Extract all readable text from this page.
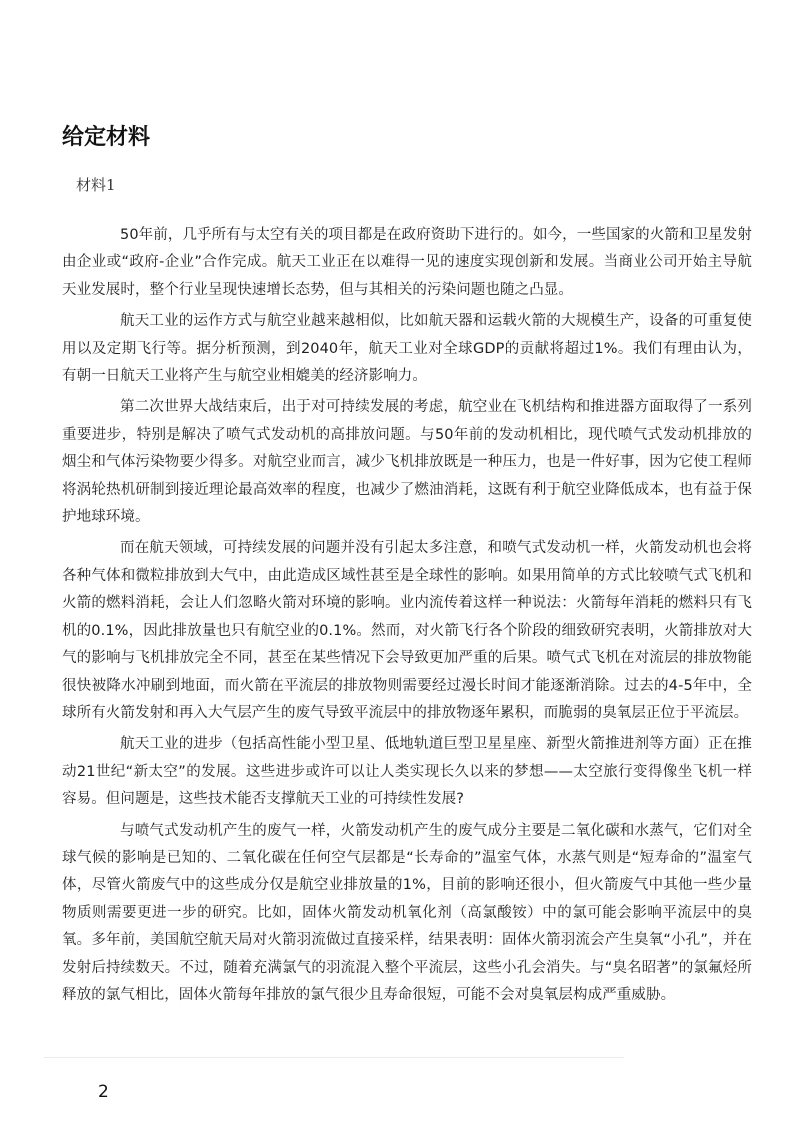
给定材料

材料1

50年前，几乎所有与太空有关的项目都是在政府资助下进行的。如今，一些国家的火箭和卫星发射由企业或“政府-企业”合作完成。航天工业正在以难得一见的速度实现创新和发展。当商业公司开始主导航天业发展时，整个行业呈现快速增长态势，但与其相关的污染问题也随之凸显。

航天工业的运作方式与航空业越来越相似，比如航天器和运载火箭的大规模生产，设备的可重复使用以及定期飞行等。据分析预测，到2040年，航天工业对全球GDP的贡献将超过1%。我们有理由认为，有朝一日航天工业将产生与航空业相媲美的经济影响力。

第二次世界大战结束后，出于对可持续发展的考虑，航空业在飞机结构和推进器方面取得了一系列重要进步，特别是解决了喷气式发动机的高排放问题。与50年前的发动机相比，现代喷气式发动机排放的烟尘和气体污染物要少得多。对航空业而言，减少飞机排放既是一种压力，也是一件好事，因为它使工程师将涡轮热机研制到接近理论最高效率的程度，也减少了燃油消耗，这既有利于航空业降低成本，也有益于保护地球环境。

而在航天领域，可持续发展的问题并没有引起太多注意，和喷气式发动机一样，火箭发动机也会将各种气体和微粒排放到大气中，由此造成区域性甚至是全球性的影响。如果用简单的方式比较喷气式飞机和火箭的燃料消耗，会让人们忽略火箭对环境的影响。业内流传着这样一种说法：火箭每年消耗的燃料只有飞机的0.1%，因此排放量也只有航空业的0.1%。然而，对火箭飞行各个阶段的细致研究表明，火箭排放对大气的影响与飞机排放完全不同，甚至在某些情况下会导致更加严重的后果。喷气式飞机在对流层的排放物能很快被降水冲刷到地面，而火箭在平流层的排放物则需要经过漫长时间才能逐渐消除。过去的4-5年中，全球所有火箭发射和再入大气层产生的废气导致平流层中的排放物逐年累积，而脆弱的臭氧层正位于平流层。

航天工业的进步（包括高性能小型卫星、低地轨道巨型卫星星座、新型火箭推进剂等方面）正在推动21世纪“新太空”的发展。这些进步或许可以让人类实现长久以来的梦想——太空旅行变得像坐飞机一样容易。但问题是，这些技术能否支撑航天工业的可持续性发展?

与喷气式发动机产生的废气一样，火箭发动机产生的废气成分主要是二氧化碳和水蒸气，它们对全球气候的影响是已知的、二氧化碳在任何空气层都是“长寿命的”温室气体，水蒸气则是“短寿命的”温室气体，尽管火箭废气中的这些成分仅是航空业排放量的1%，目前的影响还很小，但火箭废气中其他一些少量物质则需要更进一步的研究。比如，固体火箭发动机氧化剂（高氯酸铵）中的氯可能会影响平流层中的臭氧。多年前，美国航空航天局对火箭羽流做过直接采样，结果表明：固体火箭羽流会产生臭氧“小孔”，并在发射后持续数天。不过，随着充满氯气的羽流混入整个平流层，这些小孔会消失。与“臭名昭著”的氯氟烃所释放的氯气相比，固体火箭每年排放的氯气很少且寿命很短，可能不会对臭氧层构成严重威胁。

2
